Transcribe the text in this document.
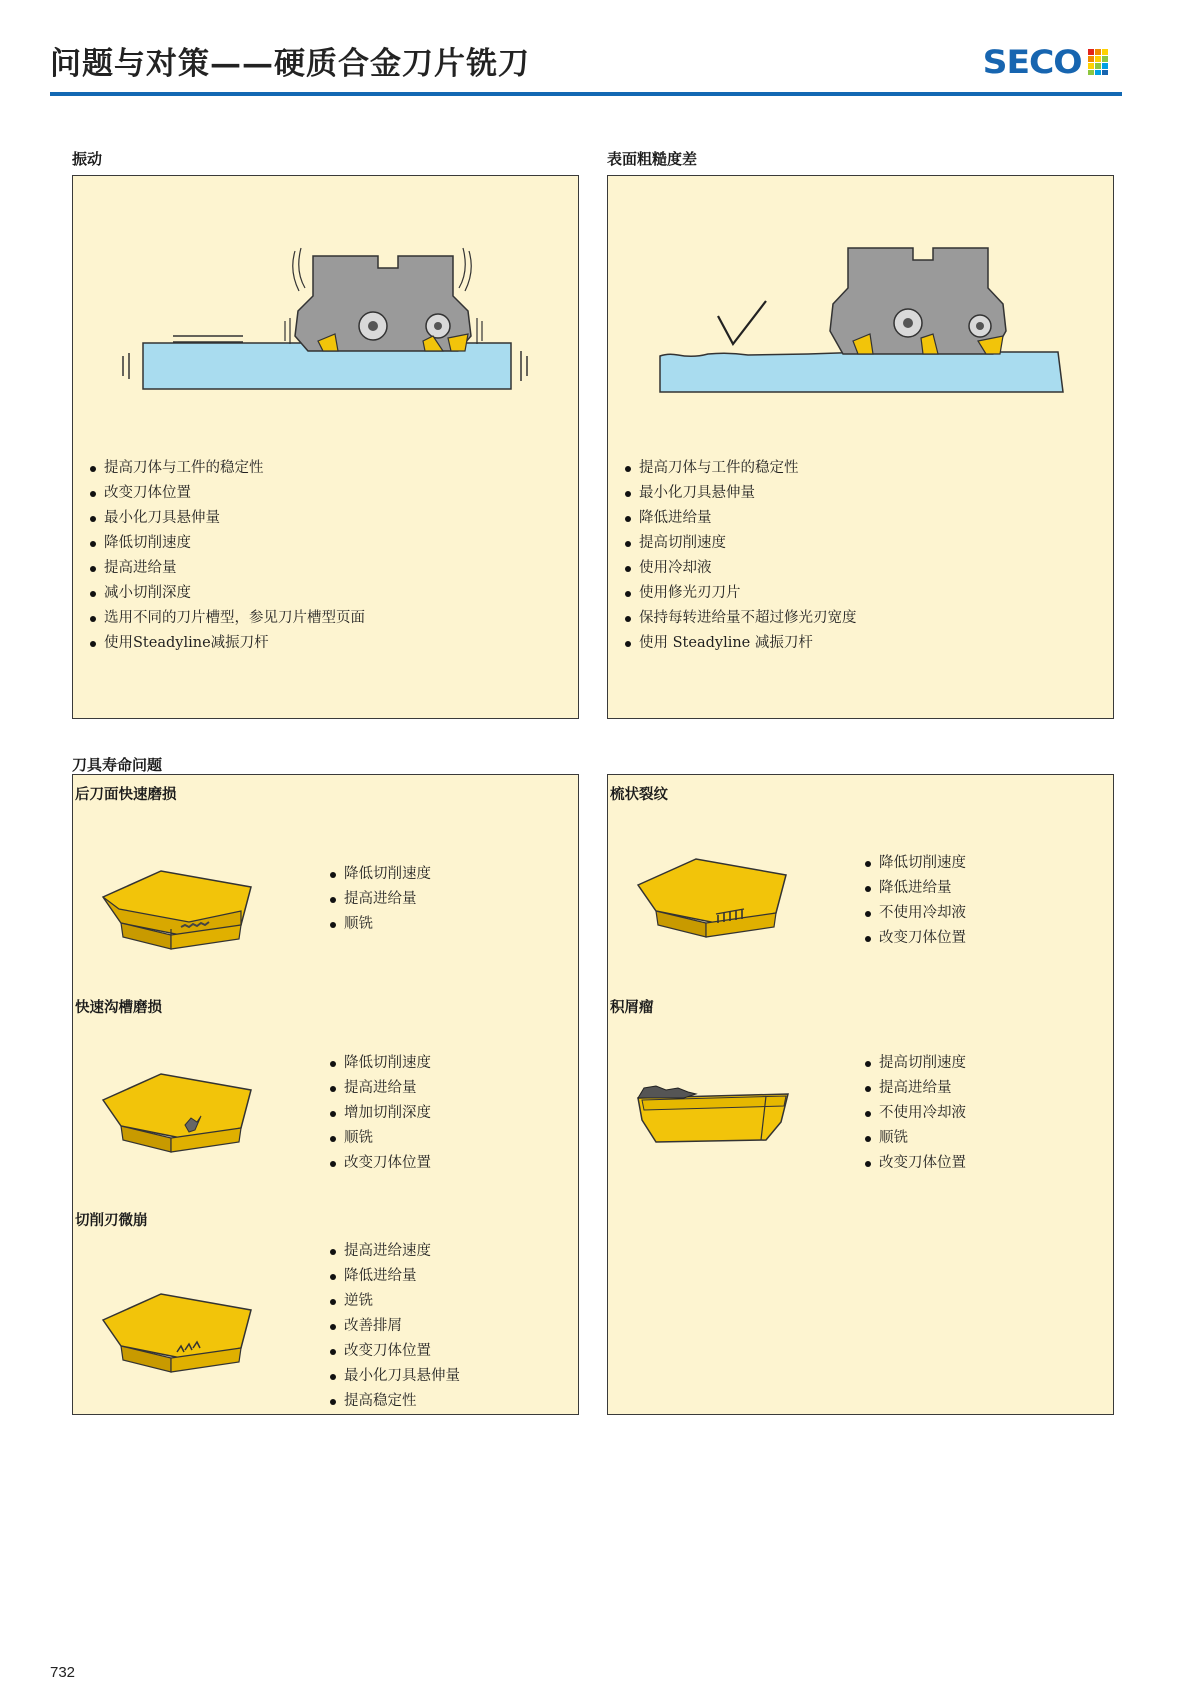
问题与对策——硬质合金刀片铣刀	SECO
振动
提高刀体与工件的稳定性
改变刀体位置
最小化刀具悬伸量
降低切削速度
提高进给量
减小切削深度
选用不同的刀片槽型，参见刀片槽型页面
使用Steadyline减振刀杆
表面粗糙度差
提高刀体与工件的稳定性
最小化刀具悬伸量
降低进给量
提高切削速度
使用冷却液
使用修光刃刀片
保持每转进给量不超过修光刃宽度
使用 Steadyline 减振刀杆
刀具寿命问题
后刀面快速磨损
降低切削速度
提高进给量
顺铣
快速沟槽磨损
降低切削速度
提高进给量
增加切削深度
顺铣
改变刀体位置
切削刃微崩
提高进给速度
降低进给量
逆铣
改善排屑
改变刀体位置
最小化刀具悬伸量
提高稳定性
梳状裂纹
降低切削速度
降低进给量
不使用冷却液
改变刀体位置
积屑瘤
提高切削速度
提高进给量
不使用冷却液
顺铣
改变刀体位置
732
